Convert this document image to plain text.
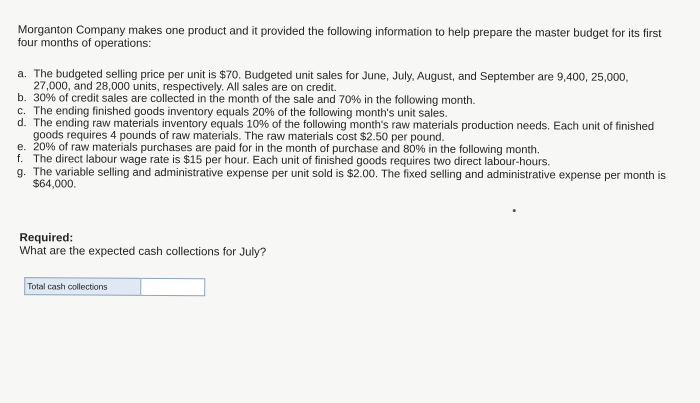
Morganton Company makes one product and it provided the following information to help prepare the master budget for its first four months of operations:
a. The budgeted selling price per unit is $70. Budgeted unit sales for June, July, August, and September are 9,400, 25,000, 27,000, and 28,000 units, respectively. All sales are on credit.
b. 30% of credit sales are collected in the month of the sale and 70% in the following month.
c. The ending finished goods inventory equals 20% of the following month's unit sales.
d. The ending raw materials inventory equals 10% of the following month's raw materials production needs. Each unit of finished goods requires 4 pounds of raw materials. The raw materials cost $2.50 per pound.
e. 20% of raw materials purchases are paid for in the month of purchase and 80% in the following month.
f. The direct labour wage rate is $15 per hour. Each unit of finished goods requires two direct labour-hours.
g. The variable selling and administrative expense per unit sold is $2.00. The fixed selling and administrative expense per month is $64,000.
Required:
What are the expected cash collections for July?
Total cash collections
